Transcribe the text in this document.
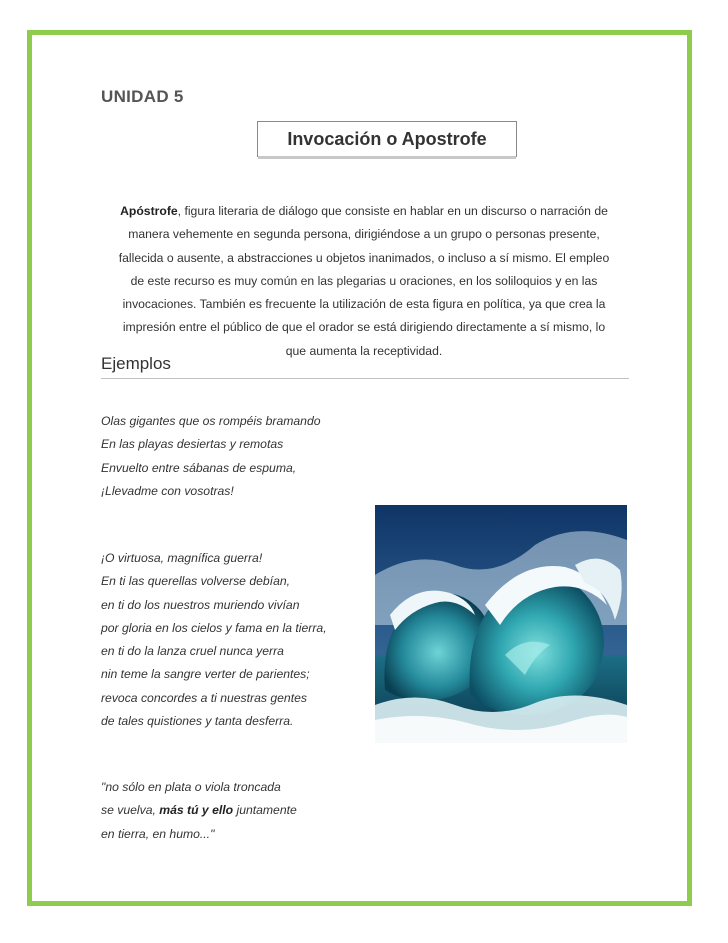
UNIDAD 5
Invocación o Apostrofe
Apóstrofe, figura literaria de diálogo que consiste en hablar en un discurso o narración de
manera vehemente en segunda persona, dirigiéndose a un grupo o personas presente,
fallecida o ausente, a abstracciones u objetos inanimados, o incluso a sí mismo. El empleo
de este recurso es muy común en las plegarias u oraciones, en los soliloquios y en las
invocaciones. También es frecuente la utilización de esta figura en política, ya que crea la
impresión entre el público de que el orador se está dirigiendo directamente a sí mismo, lo
que aumenta la receptividad.
Ejemplos
Olas gigantes que os rompéis bramando
En las playas desiertas y remotas
Envuelto entre sábanas de espuma,
¡Llevadme con vosotras!
¡O virtuosa, magnífica guerra!
En ti las querellas volverse debían,
en ti do los nuestros muriendo vivían
por gloria en los cielos y fama en la tierra,
en ti do la lanza cruel nunca yerra
nin teme la sangre verter de parientes;
revoca concordes a ti nuestras gentes
de tales quistiones y tanta desferra.
"no sólo en plata o viola troncada
se vuelva, más tú y ello juntamente
en tierra, en humo..."
